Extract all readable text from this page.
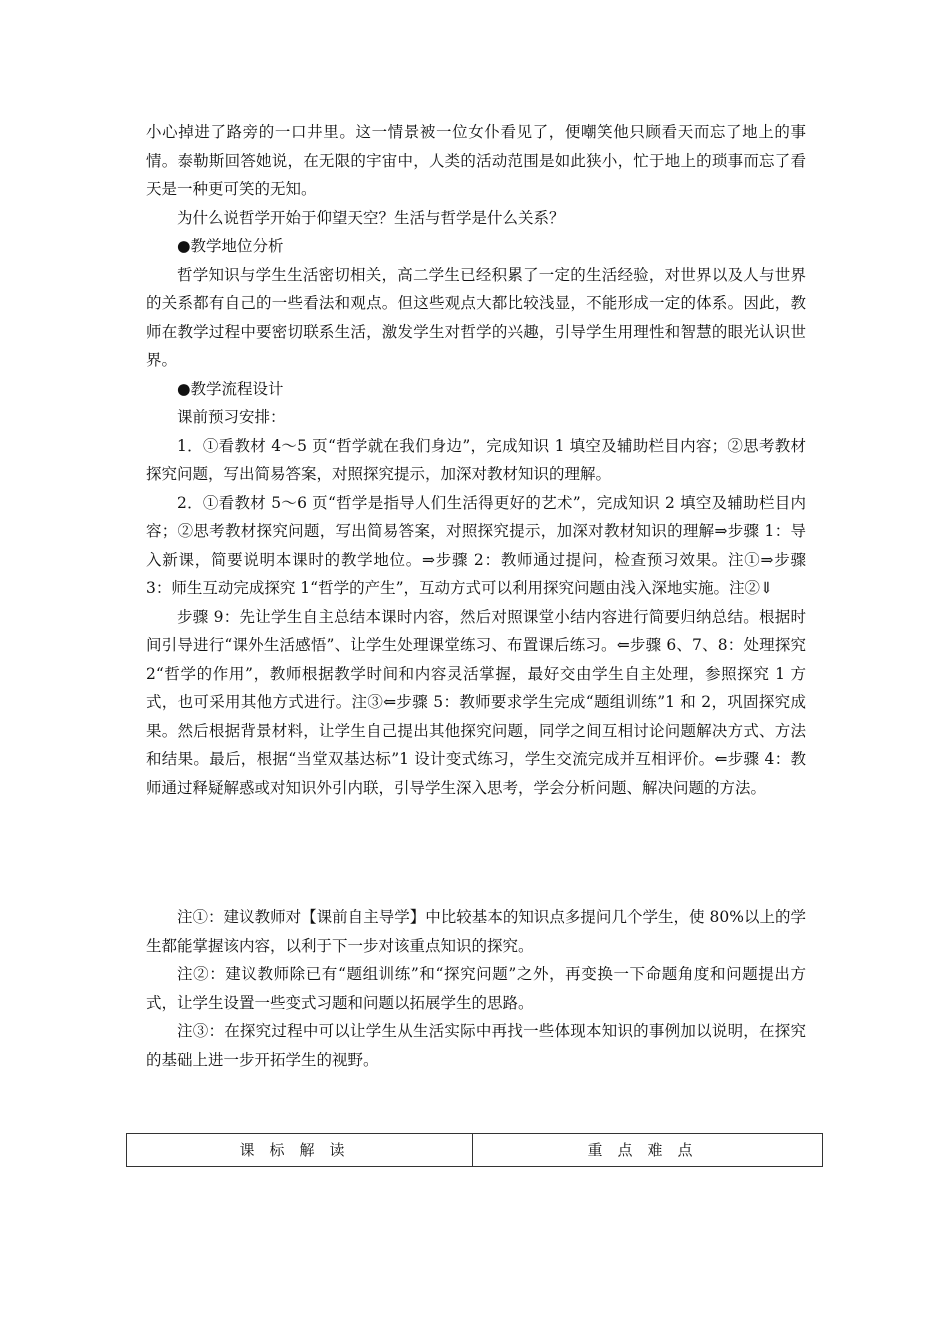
小心掉进了路旁的一口井里。这一情景被一位女仆看见了，便嘲笑他只顾看天而忘了地上的事情。泰勒斯回答她说，在无限的宇宙中，人类的活动范围是如此狭小，忙于地上的琐事而忘了看天是一种更可笑的无知。

为什么说哲学开始于仰望天空？生活与哲学是什么关系？

●教学地位分析

哲学知识与学生生活密切相关，高二学生已经积累了一定的生活经验，对世界以及人与世界的关系都有自己的一些看法和观点。但这些观点大都比较浅显，不能形成一定的体系。因此，教师在教学过程中要密切联系生活，激发学生对哲学的兴趣，引导学生用理性和智慧的眼光认识世界。

●教学流程设计

课前预习安排：

1．①看教材 4～5 页“哲学就在我们身边”，完成知识 1 填空及辅助栏目内容；②思考教材探究问题，写出简易答案，对照探究提示，加深对教材知识的理解。

2．①看教材 5～6 页“哲学是指导人们生活得更好的艺术”，完成知识 2 填空及辅助栏目内容；②思考教材探究问题，写出简易答案，对照探究提示，加深对教材知识的理解⇒步骤 1：导入新课，简要说明本课时的教学地位。⇒步骤 2：教师通过提问，检查预习效果。注①⇒步骤 3：师生互动完成探究 1“哲学的产生”，互动方式可以利用探究问题由浅入深地实施。注②⇓

步骤 9：先让学生自主总结本课时内容，然后对照课堂小结内容进行简要归纳总结。根据时间引导进行“课外生活感悟”、让学生处理课堂练习、布置课后练习。⇐步骤 6、7、8：处理探究 2“哲学的作用”，教师根据教学时间和内容灵活掌握，最好交由学生自主处理，参照探究 1 方式，也可采用其他方式进行。注③⇐步骤 5：教师要求学生完成“题组训练”1 和 2，巩固探究成果。然后根据背景材料，让学生自己提出其他探究问题，同学之间互相讨论问题解决方式、方法和结果。最后，根据“当堂双基达标”1 设计变式练习，学生交流完成并互相评价。⇐步骤 4：教师通过释疑解惑或对知识外引内联，引导学生深入思考，学会分析问题、解决问题的方法。

注①：建议教师对【课前自主导学】中比较基本的知识点多提问几个学生，使 80%以上的学生都能掌握该内容，以利于下一步对该重点知识的探究。

注②：建议教师除已有“题组训练”和“探究问题”之外，再变换一下命题角度和问题提出方式，让学生设置一些变式习题和问题以拓展学生的思路。

注③：在探究过程中可以让学生从生活实际中再找一些体现本知识的事例加以说明，在探究的基础上进一步开拓学生的视野。

课标解读	重点难点
